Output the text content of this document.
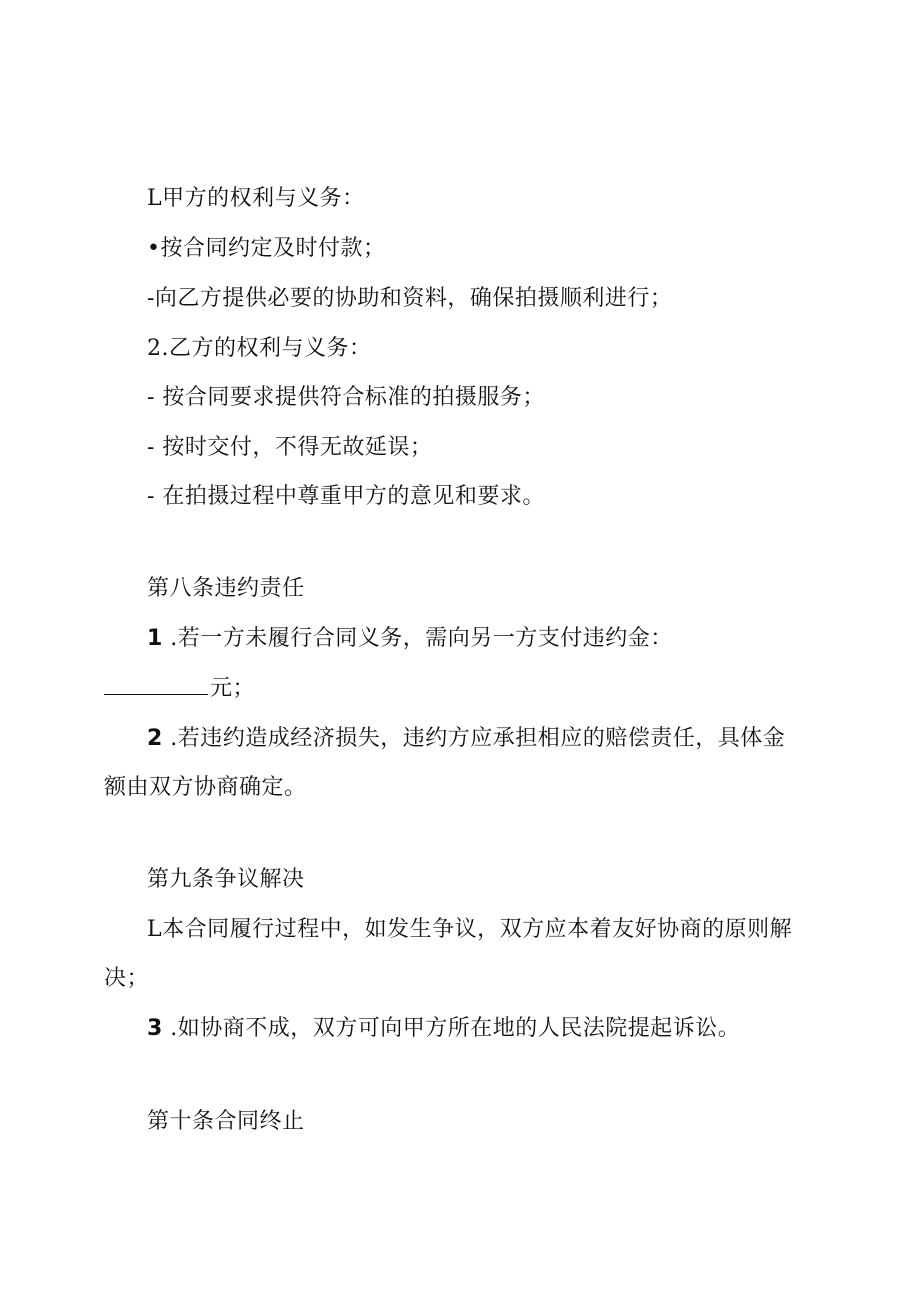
L甲方的权利与义务：
•按合同约定及时付款；
-向乙方提供必要的协助和资料，确保拍摄顺利进行；
2.乙方的权利与义务：
- 按合同要求提供符合标准的拍摄服务；
- 按时交付，不得无故延误；
- 在拍摄过程中尊重甲方的意见和要求。
第八条违约责任
1 .若一方未履行合同义务，需向另一方支付违约金：
元；
2 .若违约造成经济损失，违约方应承担相应的赔偿责任，具体金
额由双方协商确定。
第九条争议解决
L本合同履行过程中，如发生争议，双方应本着友好协商的原则解
决；
3 .如协商不成，双方可向甲方所在地的人民法院提起诉讼。
第十条合同终止
